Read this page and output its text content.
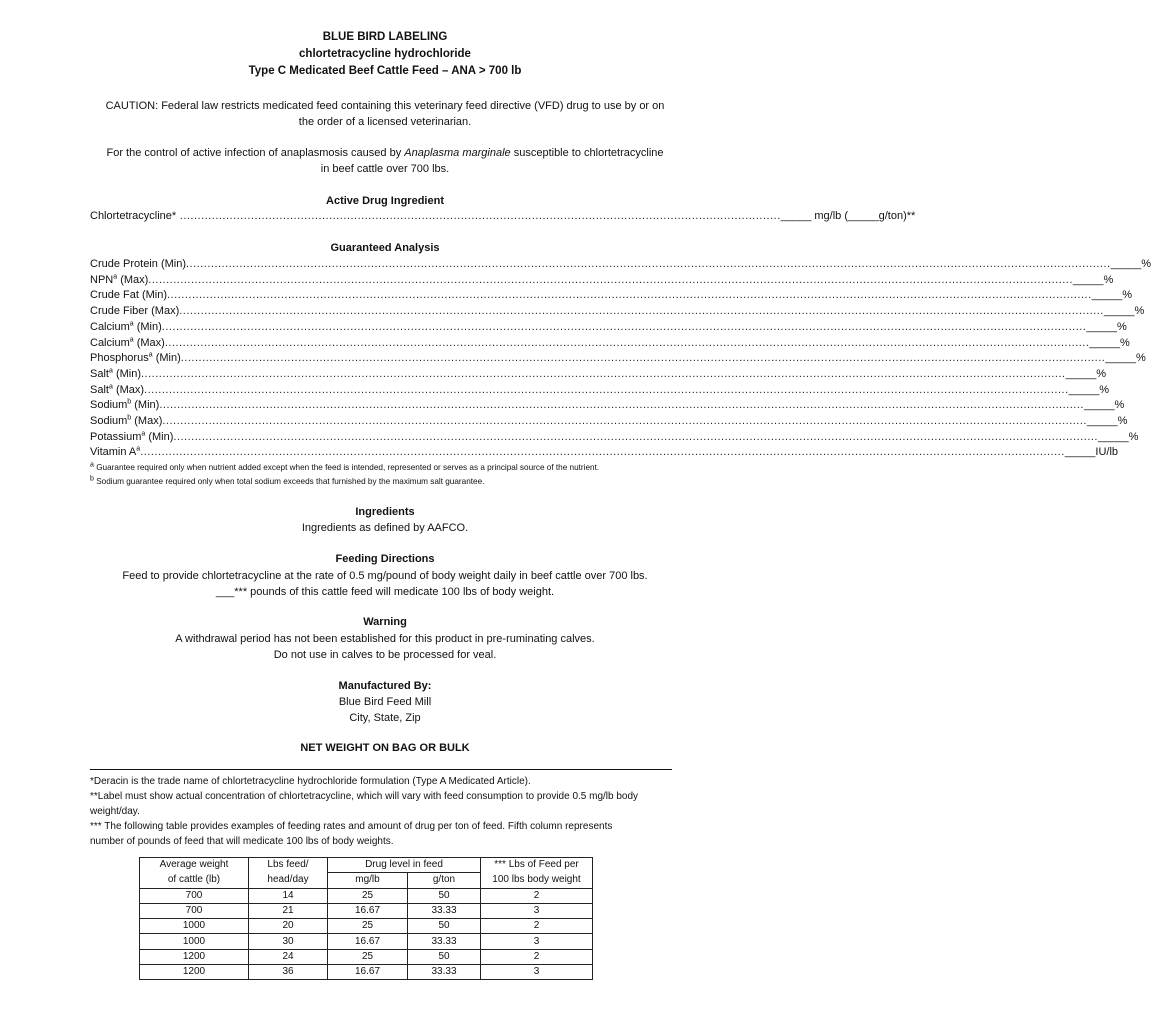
BLUE BIRD LABELING
chlortetracycline hydrochloride
Type C Medicated Beef Cattle Feed – ANA > 700 lb
CAUTION: Federal law restricts medicated feed containing this veterinary feed directive (VFD) drug to use by or on
the order of a licensed veterinarian.
For the control of active infection of anaplasmosis caused by Anaplasma marginale susceptible to chlortetracycline
in beef cattle over 700 lbs.
Active Drug Ingredient
Chlortetracycline* ......................................................................................................................................................................... _____ mg/lb (_____g/ton)**
Guaranteed Analysis
Crude Protein (Min) .................................................................................................................................................................................................................................................................... _____%
NPN$^a$ (Max) .................................................................................................................................................................................................................................................................... _____%
Crude Fat (Min) .................................................................................................................................................................................................................................................................... _____%
Crude Fiber (Max) .................................................................................................................................................................................................................................................................... _____%
Calcium$^a$ (Min) .................................................................................................................................................................................................................................................................... _____%
Calcium$^a$ (Max) .................................................................................................................................................................................................................................................................... _____%
Phosphorus$^a$ (Min) .................................................................................................................................................................................................................................................................... _____%
Salt$^a$ (Min) .................................................................................................................................................................................................................................................................... _____%
Salt$^a$ (Max) .................................................................................................................................................................................................................................................................... _____%
Sodium$^b$ (Min) .................................................................................................................................................................................................................................................................... _____%
Sodium$^b$ (Max) .................................................................................................................................................................................................................................................................... _____%
Potassium$^a$ (Min) .................................................................................................................................................................................................................................................................... _____%
Vitamin $A^a$ .................................................................................................................................................................................................................................................................... _____IU/lb
$^a$ Guarantee required only when nutrient added except when the feed is intended, represented or serves as a principal source of the nutrient.
$^b$ Sodium guarantee required only when total sodium exceeds that furnished by the maximum salt guarantee.
Ingredients
Ingredients as defined by AAFCO.
Feeding Directions
Feed to provide chlortetracycline at the rate of 0.5 mg/pound of body weight daily in beef cattle over 700 lbs.
___*** pounds of this cattle feed will medicate 100 lbs of body weight.
Warning
A withdrawal period has not been established for this product in pre-ruminating calves.
Do not use in calves to be processed for veal.
Manufactured By:
Blue Bird Feed Mill
City, State, Zip
NET WEIGHT ON BAG OR BULK
*Deracin is the trade name of chlortetracycline hydrochloride formulation (Type A Medicated Article).
**Label must show actual concentration of chlortetracycline, which will vary with feed consumption to provide 0.5 mg/lb body
weight/day.
*** The following table provides examples of feeding rates and amount of drug per ton of feed. Fifth column represents
number of pounds of feed that will medicate 100 lbs of body weights.
Average weight	Lbs feed/	Drug level in feed		*** Lbs of Feed per
of cattle (lb)	head/day	mg/lb	g/ton	100 lbs body weight
700	14	25	50	2
700	21	16.67	33.33	3
1000	20	25	50	2
1000	30	16.67	33.33	3
1200	24	25	50	2
1200	36	16.67	33.33	3
